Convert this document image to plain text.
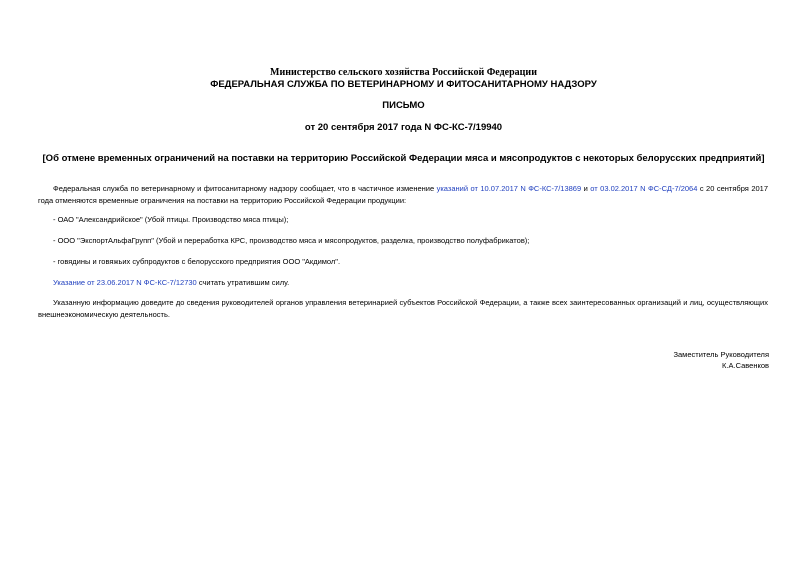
Министерство сельского хозяйства Российской Федерации
ФЕДЕРАЛЬНАЯ СЛУЖБА ПО ВЕТЕРИНАРНОМУ И ФИТОСАНИТАРНОМУ НАДЗОРУ
ПИСЬМО
от 20 сентября 2017 года N ФС-КС-7/19940
[Об отмене временных ограничений на поставки на территорию Российской Федерации мяса и мясопродуктов с некоторых белорусских предприятий]
Федеральная служба по ветеринарному и фитосанитарному надзору сообщает, что в частичное изменение указаний от 10.07.2017 N ФС-КС-7/13869 и от 03.02.2017 N ФС-СД-7/2064 с 20 сентября 2017 года отменяются временные ограничения на поставки на территорию Российской Федерации продукции:
- ОАО "Александрийское" (Убой птицы. Производство мяса птицы);
- ООО "ЭкспортАльфаГрупп" (Убой и переработка КРС, производство мяса и мясопродуктов, разделка, производство полуфабрикатов);
- говядины и говяжьих субпродуктов с белорусского предприятия ООО "Акдимол".
Указание от 23.06.2017 N ФС-КС-7/12730 считать утратившим силу.
Указанную информацию доведите до сведения руководителей органов управления ветеринарией субъектов Российской Федерации, а также всех заинтересованных организаций и лиц, осуществляющих внешнеэкономическую деятельность.
Заместитель Руководителя
К.А.Савенков
